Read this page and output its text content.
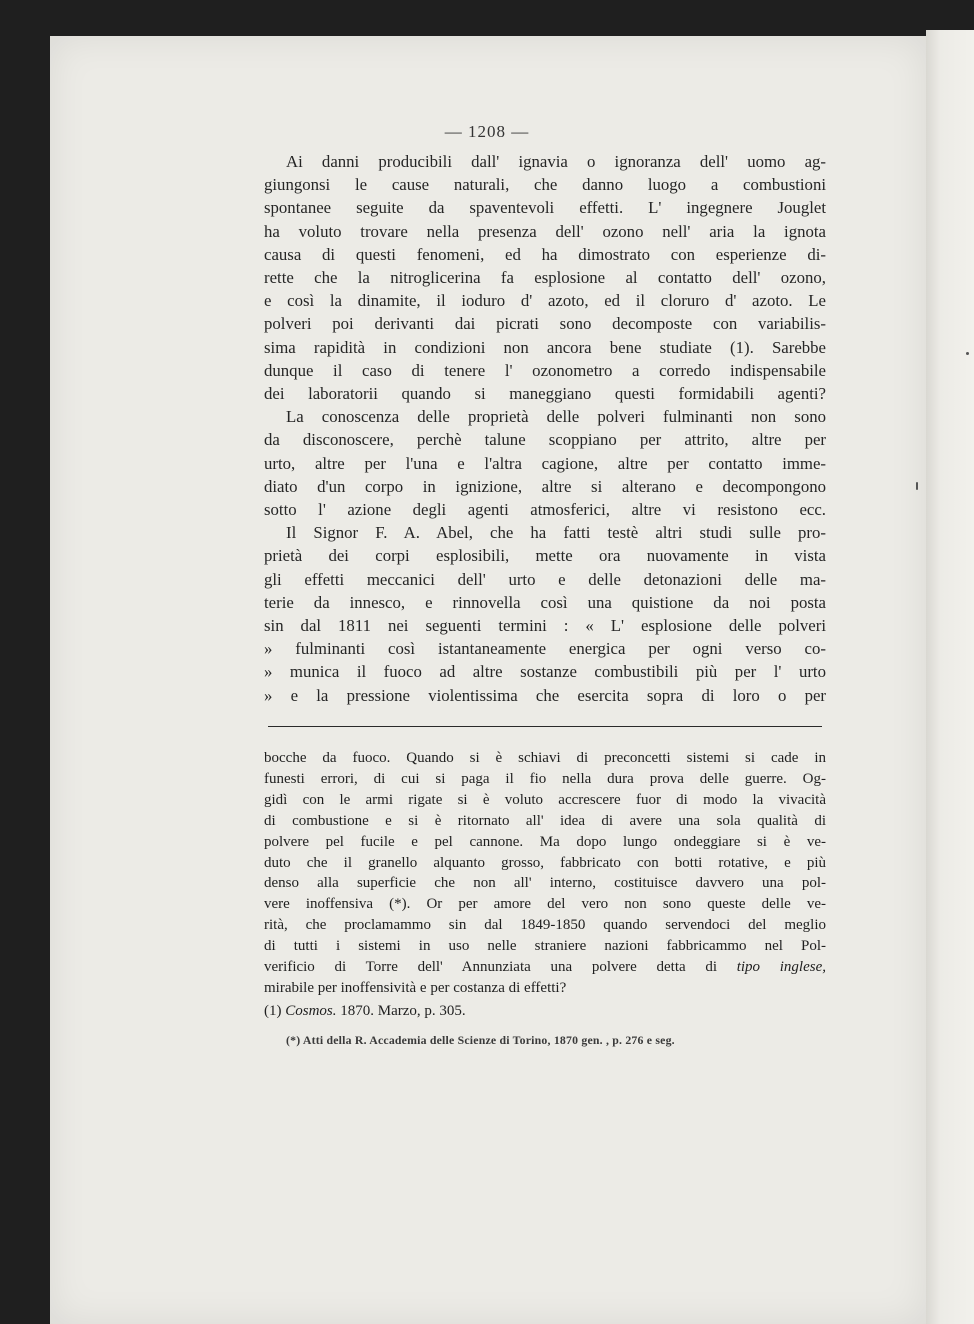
— 1208 —
Ai danni producibili dall' ignavia o ignoranza dell' uomo ag-
giungonsi le cause naturali, che danno luogo a combustioni
spontanee seguite da spaventevoli effetti. L' ingegnere Jouglet
ha voluto trovare nella presenza dell' ozono nell' aria la ignota
causa di questi fenomeni, ed ha dimostrato con esperienze di-
rette che la nitroglicerina fa esplosione al contatto dell' ozono,
e così la dinamite, il ioduro d' azoto, ed il cloruro d' azoto. Le
polveri poi derivanti dai picrati sono decomposte con variabilis-
sima rapidità in condizioni non ancora bene studiate (1). Sarebbe
dunque il caso di tenere l' ozonometro a corredo indispensabile
dei laboratorii quando si maneggiano questi formidabili agenti?
La conoscenza delle proprietà delle polveri fulminanti non sono
da disconoscere, perchè talune scoppiano per attrito, altre per
urto, altre per l'una e l'altra cagione, altre per contatto imme-
diato d'un corpo in ignizione, altre si alterano e decompongono
sotto l' azione degli agenti atmosferici, altre vi resistono ecc.
Il Signor F. A. Abel, che ha fatti testè altri studi sulle pro-
prietà dei corpi esplosibili, mette ora nuovamente in vista
gli effetti meccanici dell' urto e delle detonazioni delle ma-
terie da innesco, e rinnovella così una quistione da noi posta
sin dal 1811 nei seguenti termini : « L' esplosione delle polveri
» fulminanti così istantaneamente energica per ogni verso co-
» munica il fuoco ad altre sostanze combustibili più per l' urto
» e la pressione violentissima che esercita sopra di loro o per
bocche da fuoco. Quando si è schiavi di preconcetti sistemi si cade in
funesti errori, di cui si paga il fio nella dura prova delle guerre. Og-
gidì con le armi rigate si è voluto accrescere fuor di modo la vivacità
di combustione e si è ritornato all' idea di avere una sola qualità di
polvere pel fucile e pel cannone. Ma dopo lungo ondeggiare si è ve-
duto che il granello alquanto grosso, fabbricato con botti rotative, e più
denso alla superficie che non all' interno, costituisce davvero una pol-
vere inoffensiva (*). Or per amore del vero non sono queste delle ve-
rità, che proclamammo sin dal 1849-1850 quando servendoci del meglio
di tutti i sistemi in uso nelle straniere nazioni fabbricammo nel Pol-
verificio di Torre dell' Annunziata una polvere detta di tipo inglese,
mirabile per inoffensività e per costanza di effetti?

(1) Cosmos. 1870. Marzo, p. 305.

(*) Atti della R. Accademia delle Scienze di Torino, 1870 gen. , p. 276 e seg.
